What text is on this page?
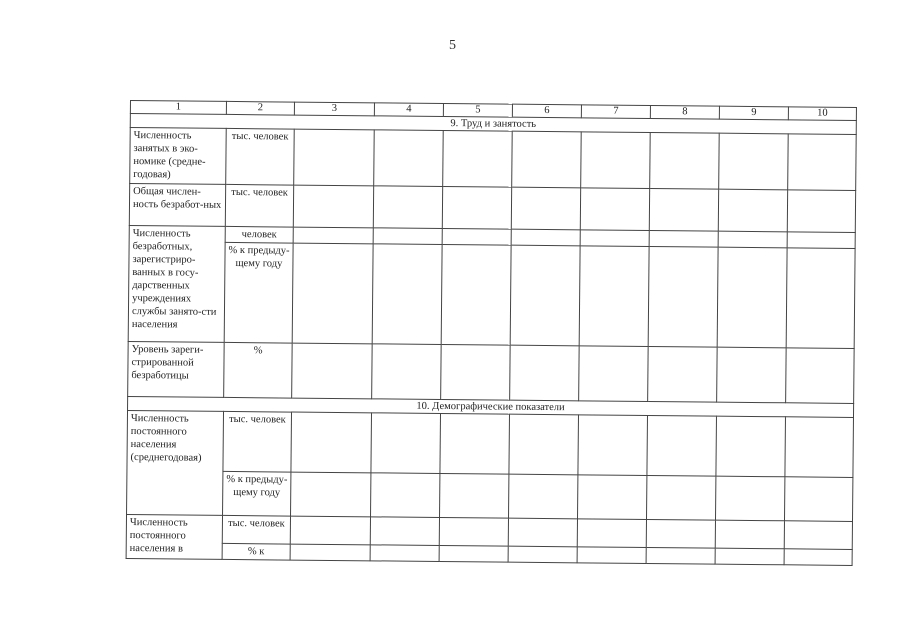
5
1	2	3	4	5	6	7	8	9	10
9. Труд и занятость									
Численность занятых в эко-номике (средне-годовая)	тыс. человек								
Общая числен-ность безработ-ных	тыс. человек								
Численность безработных, зарегистриро-ванных в госу-дарственных учреждениях службы занято-сти населения	человек								
	% к предыду-щему году								
Уровень зареги-стрированной безработицы	%								
10. Демографические показатели									
Численность постоянного населения (среднегодовая)	тыс. человек								
	% к предыду-щему году								
Численность постоянного населения в	тыс. человек								
	% к								
